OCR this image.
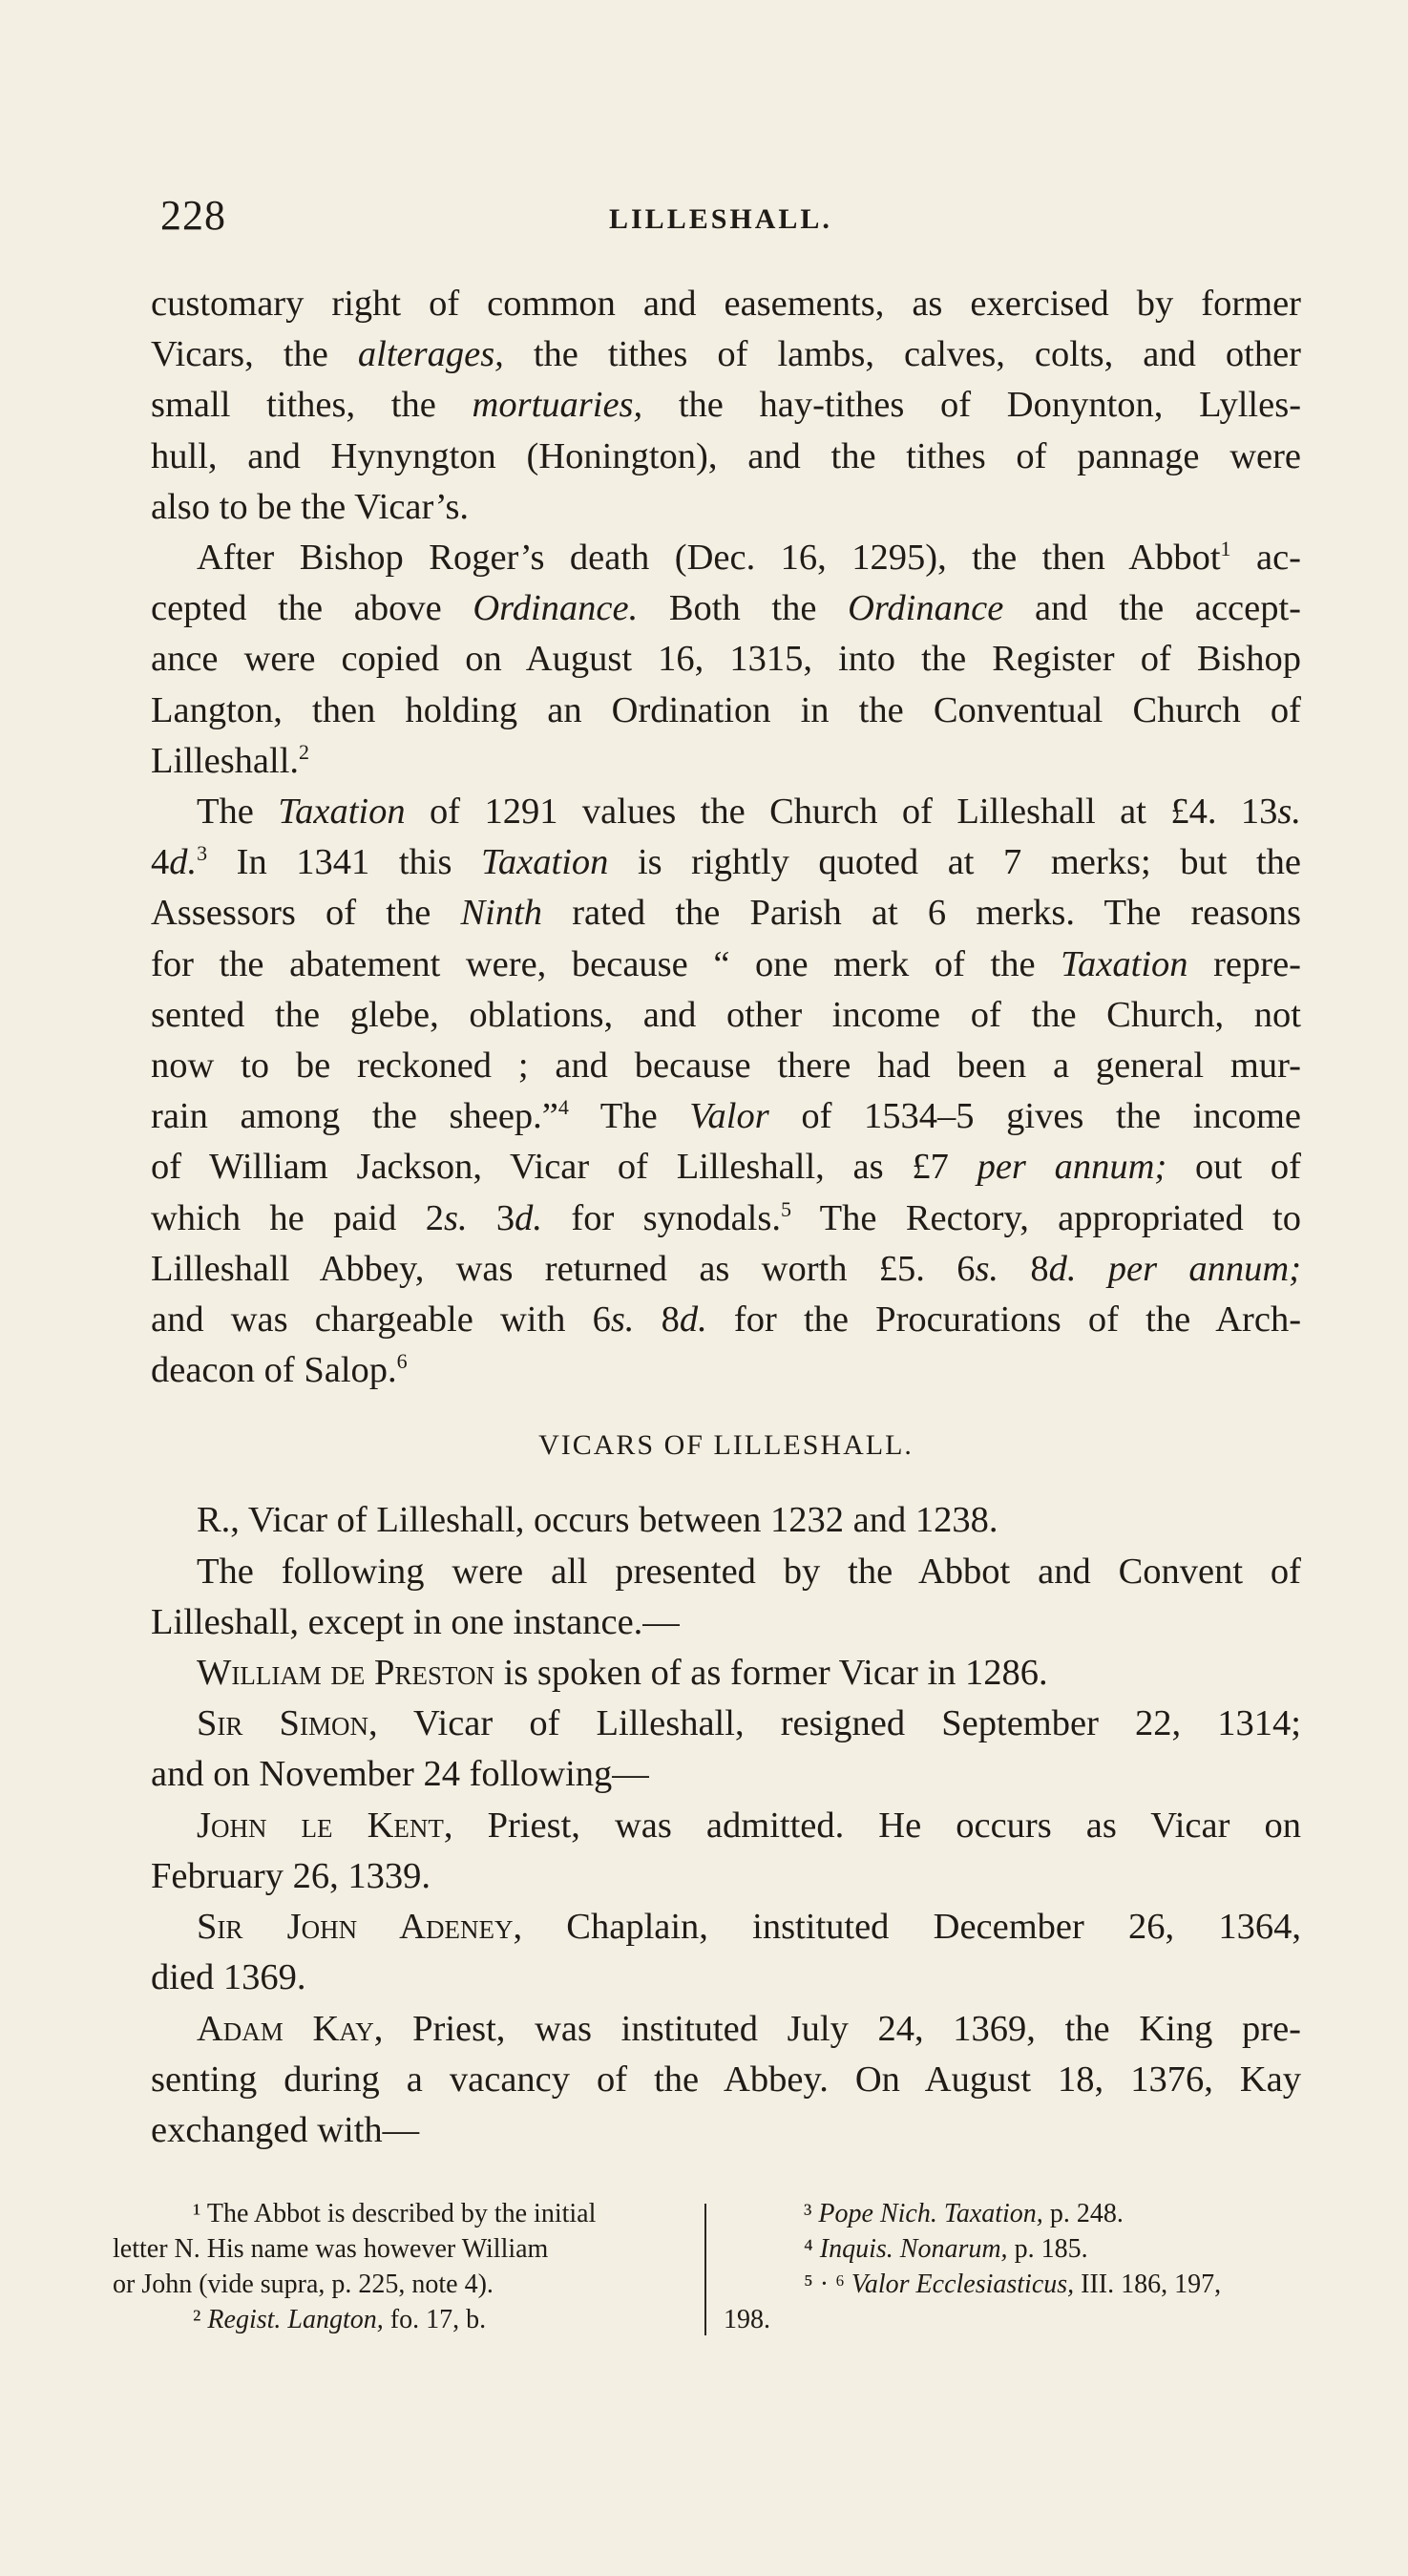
228	LILLESHALL.

customary right of common and easements, as exercised by former
Vicars, the alterages, the tithes of lambs, calves, colts, and other
small tithes, the mortuaries, the hay-tithes of Donynton, Lylles-
hull, and Hynyngton (Honington), and the tithes of pannage were
also to be the Vicar’s.

After Bishop Roger’s death (Dec. 16, 1295), the then Abbot$^1$ ac-
cepted the above Ordinance. Both the Ordinance and the accept-
ance were copied on August 16, 1315, into the Register of Bishop
Langton, then holding an Ordination in the Conventual Church of
Lilleshall.$^2$

The Taxation of 1291 values the Church of Lilleshall at £4. 13s.
4d.$^3$ In 1341 this Taxation is rightly quoted at 7 merks; but the
Assessors of the Ninth rated the Parish at 6 merks. The reasons
for the abatement were, because “ one merk of the Taxation repre-
sented the glebe, oblations, and other income of the Church, not
now to be reckoned ; and because there had been a general mur-
rain among the sheep.”$^4$ The Valor of 1534–5 gives the income
of William Jackson, Vicar of Lilleshall, as £7 per annum; out of
which he paid 2s. 3d. for synodals.$^5$ The Rectory, appropriated to
Lilleshall Abbey, was returned as worth £5. 6s. 8d. per annum;
and was chargeable with 6s. 8d. for the Procurations of the Arch-
deacon of Salop.$^6$

VICARS OF LILLESHALL.

R., Vicar of Lilleshall, occurs between 1232 and 1238.
The following were all presented by the Abbot and Convent of
Lilleshall, except in one instance.—
William de Preston is spoken of as former Vicar in 1286.
Sir Simon, Vicar of Lilleshall, resigned September 22, 1314;
and on November 24 following—
John le Kent, Priest, was admitted. He occurs as Vicar on
February 26, 1339.
Sir John Adeney, Chaplain, instituted December 26, 1364,
died 1369.
Adam Kay, Priest, was instituted July 24, 1369, the King pre-
senting during a vacancy of the Abbey. On August 18, 1376, Kay
exchanged with—

¹ The Abbot is described by the initial
letter N. His name was however William
or John (vide supra, p. 225, note 4).
² Regist. Langton, fo. 17, b.
³ Pope Nich. Taxation, p. 248.
⁴ Inquis. Nonarum, p. 185.
⁵ · ⁶ Valor Ecclesiasticus, III. 186, 197,
198.
